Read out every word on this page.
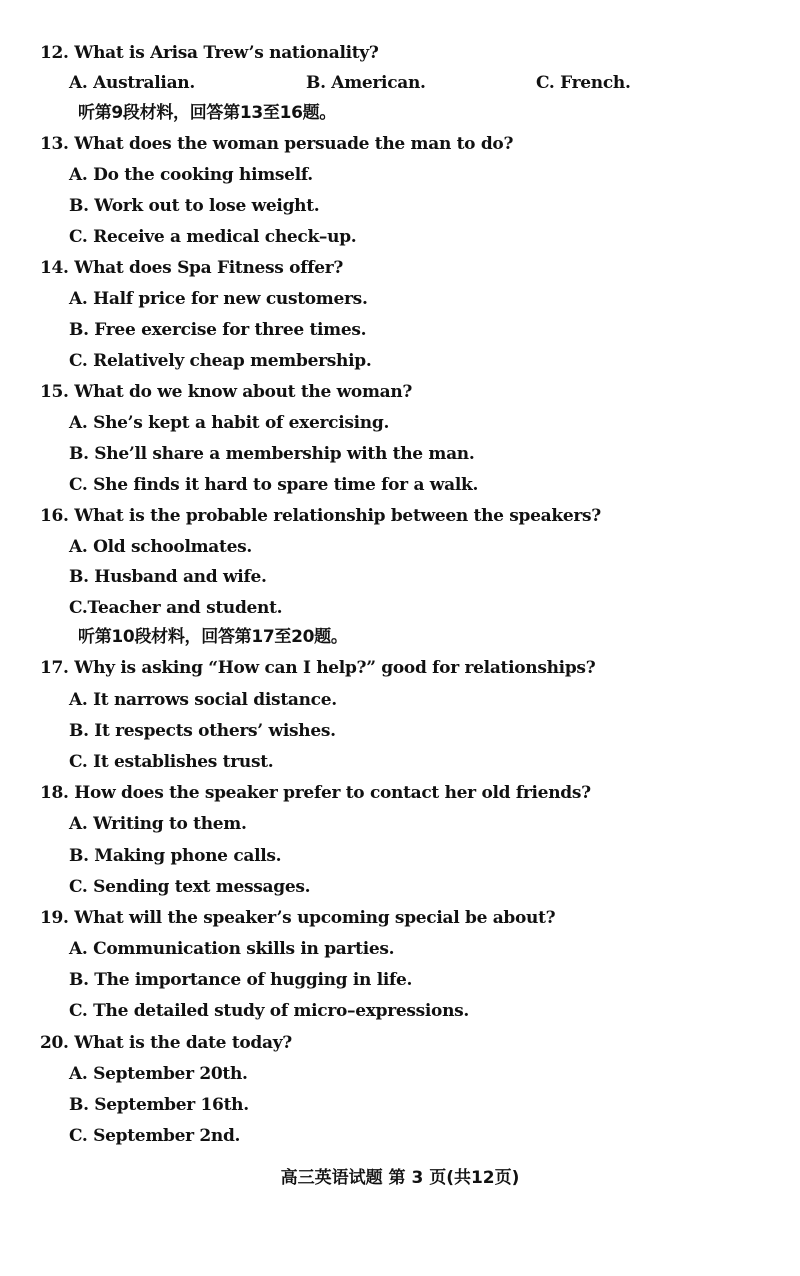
12. What is Arisa Trew’s nationality?
A. Australian.	B. American.	C. French.
听第9段材料，回答第13至16题。
13. What does the woman persuade the man to do?
A. Do the cooking himself.
B. Work out to lose weight.
C. Receive a medical check–up.
14. What does Spa Fitness offer?
A. Half price for new customers.
B. Free exercise for three times.
C. Relatively cheap membership.
15. What do we know about the woman?
A. She’s kept a habit of exercising.
B. She’ll share a membership with the man.
C. She finds it hard to spare time for a walk.
16. What is the probable relationship between the speakers?
A. Old schoolmates.
B. Husband and wife.
C.Teacher and student.
听第10段材料，回答第17至20题。
17. Why is asking “How can I help?” good for relationships?
A. It narrows social distance.
B. It respects others’ wishes.
C. It establishes trust.
18. How does the speaker prefer to contact her old friends?
A. Writing to them.
B. Making phone calls.
C. Sending text messages.
19. What will the speaker’s upcoming special be about?
A. Communication skills in parties.
B. The importance of hugging in life.
C. The detailed study of micro–expressions.
20. What is the date today?
A. September 20th.
B. September 16th.
C. September 2nd.
高三英语试题 第 3 页(共12页)
